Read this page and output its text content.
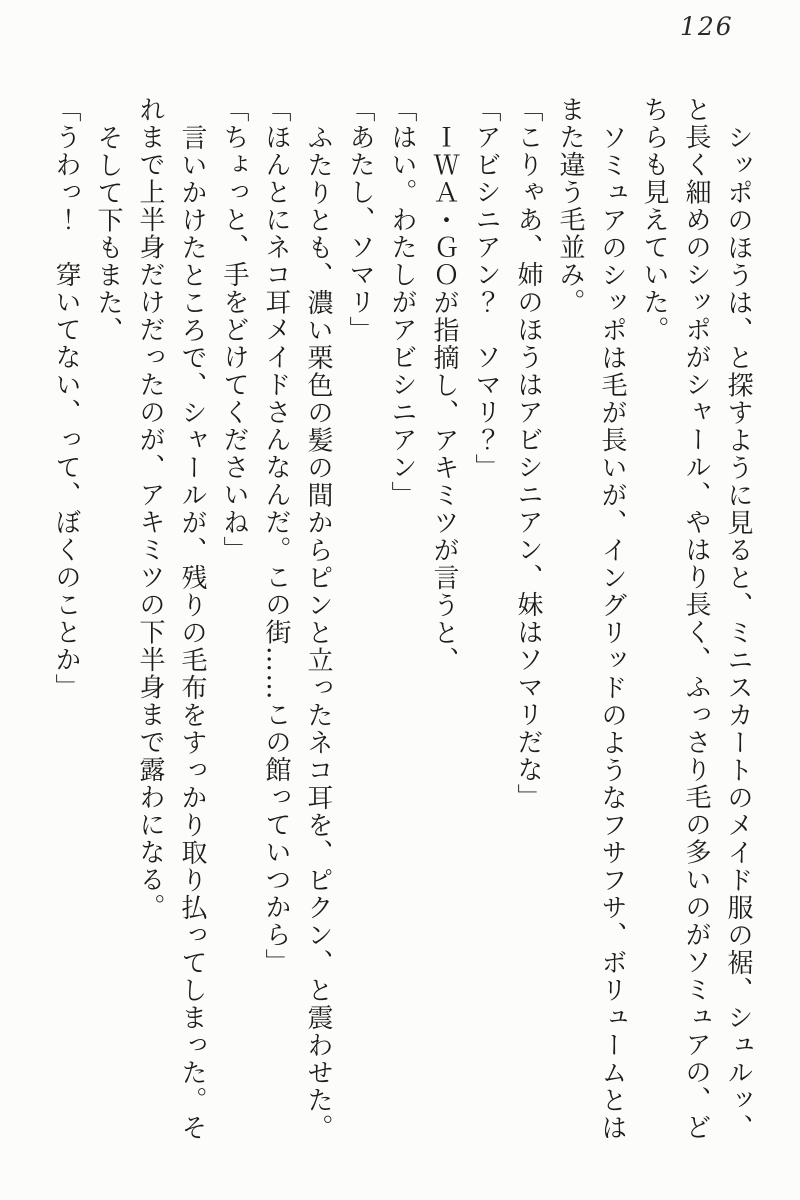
126

シッポのほうは、と探すように見ると、ミニスカートのメイド服の裾、シュルッ、

と長く細めのシッポがシャール、やはり長く、ふっさり毛の多いのがソミュアの、ど

ちらも見えていた。

ソミュアのシッポは毛が長いが、イングリッドのようなフサフサ、ボリュームとは

また違う毛並み。

「こりゃあ、姉のほうはアビシニアン、妹はソマリだな」

「アビシニアン？　ソマリ？」

ＩＷＡ・ＧＯが指摘し、アキミツが言うと、

「はい。わたしがアビシニアン」

「あたし、ソマリ」

ふたりとも、濃い栗色の髪の間からピンと立ったネコ耳を、ピクン、と震わせた。

「ほんとにネコ耳メイドさんなんだ。この街……この館っていつから」

「ちょっと、手をどけてくださいね」

言いかけたところで、シャールが、残りの毛布をすっかり取り払ってしまった。そ

れまで上半身だけだったのが、アキミツの下半身まで露わになる。

そして下もまた、

「うわっ！　穿いてない、って、ぼくのことか」
